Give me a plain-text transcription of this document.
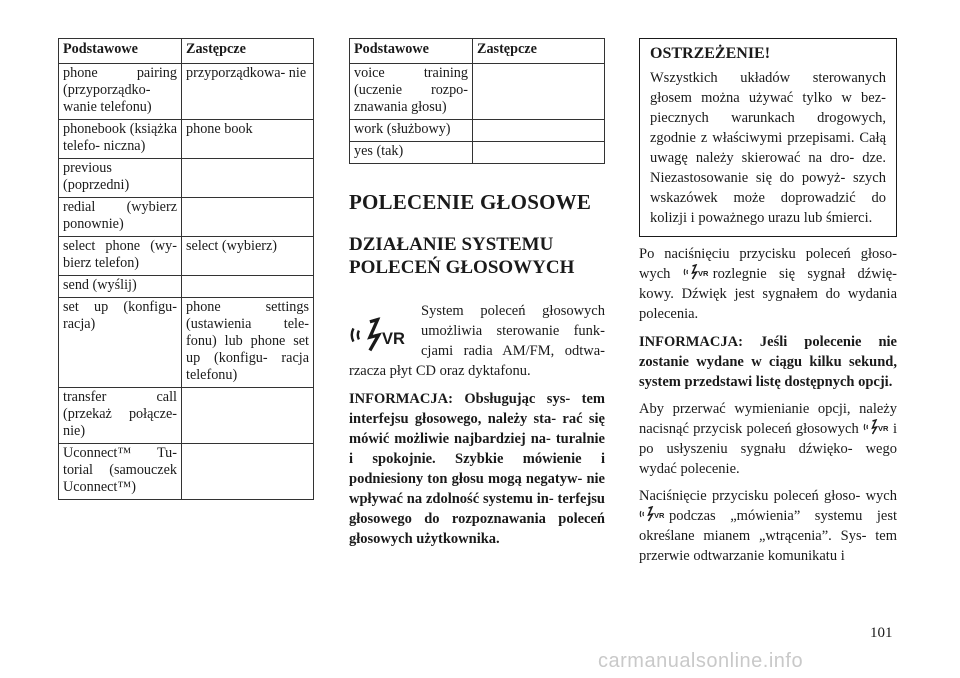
Podstawowe	Zastępcze
phone pairing (przyporządko- wanie telefonu)	przyporządkowa- nie
phonebook (książka telefo- niczna)	phone book
previous (poprzedni)	
redial (wybierz ponownie)	
select phone (wy- bierz telefon)	select (wybierz)
send (wyślij)	
set up (konfigu- racja)	phone settings (ustawienia tele- fonu) lub phone set up (konfigu- racja telefonu)
transfer call (przekaż połącze- nie)	
Uconnect™ Tu- torial (samouczek Uconnect™)	
Podstawowe	Zastępcze
voice training (uczenie rozpo- znawania głosu)	
work (służbowy)	
yes (tak)	
POLECENIE GŁOSOWE
DZIAŁANIE SYSTEMU POLECEŃ GŁOSOWYCH
System poleceń głosowych umożliwia sterowanie funk- cjami radia AM/FM, odtwa- rzacza płyt CD oraz dyktafonu.

INFORMACJA: Obsługując sys- tem interfejsu głosowego, należy sta- rać się mówić możliwie najbardziej na- turalnie i spokojnie. Szybkie mówienie i podniesiony ton głosu mogą negatyw- nie wpływać na zdolność systemu in- terfejsu głosowego do rozpoznawania poleceń głosowych użytkownika.

OSTRZEŻENIE!

Wszystkich układów sterowanych głosem można używać tylko w bez- piecznych warunkach drogowych, zgodnie z właściwymi przepisami. Całą uwagę należy skierować na dro- dze. Niezastosowanie się do powyż- szych wskazówek może doprowadzić do kolizji i poważnego urazu lub śmierci.

Po naciśnięciu przycisku poleceń głoso- wych	rozlegnie się sygnał dźwię- kowy. Dźwięk jest sygnałem do wydania polecenia.

INFORMACJA: Jeśli polecenie nie zostanie wydane w ciągu kilku sekund, system przedstawi listę dostępnych opcji.

Aby przerwać wymienianie opcji, należy nacisnąć przycisk poleceń głosowych i po usłyszeniu sygnału dźwięko- wego wydać polecenie.

Naciśnięcie przycisku poleceń głoso- wych podczas „mówienia” systemu jest określane mianem „wtrącenia”. Sys- tem przerwie odtwarzanie komunikatu i

101
carmanualsonline.info
